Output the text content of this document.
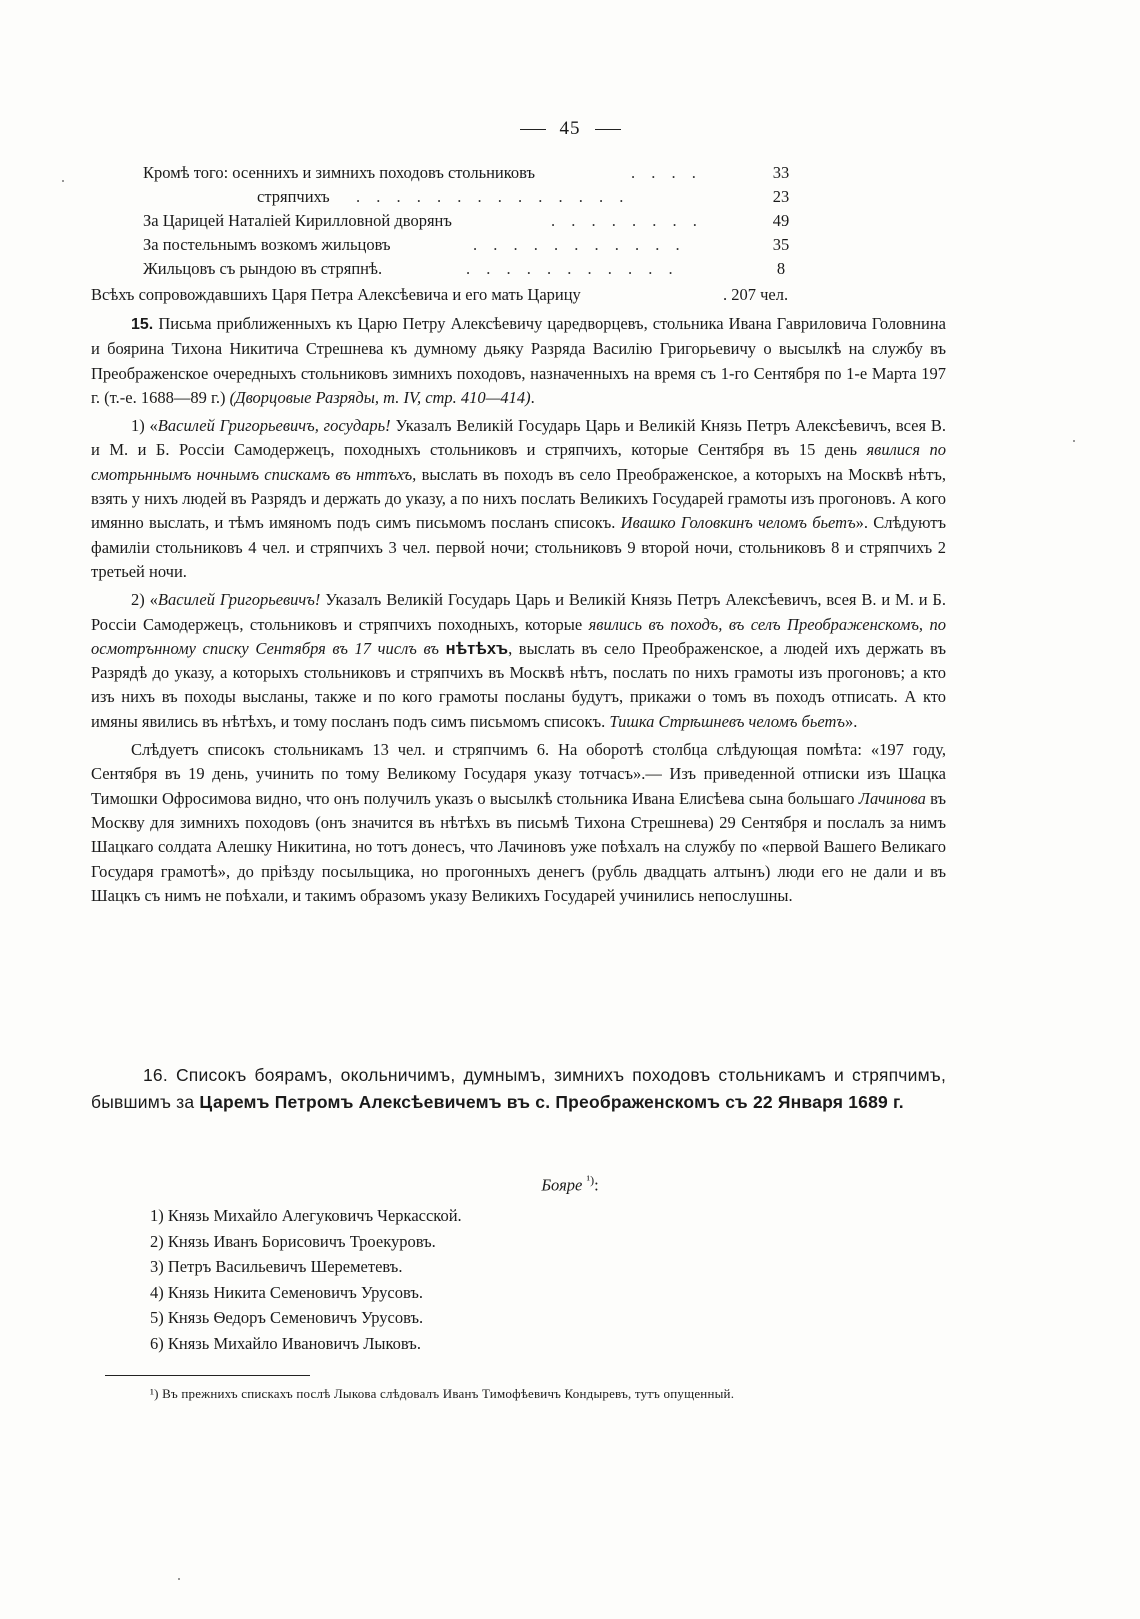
45
Кромѣ того: осеннихъ и зимнихъ походовъ стольниковъ	. . . .	33
стряпчихъ . . . . . . . . . . . . . .	23
За Царицей Наталіей Кирилловной дворянъ	. . . . . . . .	49
За постельнымъ возкомъ жильцовъ	. . . . . . . . . . .	35
Жильцовъ съ рындою въ стряпнѣ.	. . . . . . . . . . .	8
Всѣхъ сопровождавшихъ Царя Петра Алексѣевича и его мать Царицу	. 207 чел.

15. Письма приближенныхъ къ Царю Петру Алексѣевичу царедворцевъ, стольника Ивана Гавриловича Головнина и боярина Тихона Никитича Стрешнева къ думному дьяку Разряда Василію Григорьевичу о высылкѣ на службу въ Преображенское очередныхъ стольниковъ зимнихъ походовъ, назначенныхъ на время съ 1-го Сентября по 1-е Марта 197 г. (т.-е. 1688—89 г.) (Дворцовые Разряды, т. IV, стр. 410—414).

1) «Василей Григорьевичъ, государь! Указалъ Великій Государь Царь и Великій Князь Петръ Алексѣевичъ, всея В. и М. и Б. Россіи Самодержецъ, походныхъ стольниковъ и стряпчихъ, которые Сентября въ 15 день явилися по смотрьннымъ ночнымъ спискамъ въ нттъхъ, выслать въ походъ въ село Преображенское, а которыхъ на Москвѣ нѣтъ, взять у нихъ людей въ Разрядъ и держать до указу, а по нихъ послать Великихъ Государей грамоты изъ прогоновъ. А кого имянно выслать, и тѣмъ имяномъ подъ симъ письмомъ посланъ списокъ. Ивашко Головкинъ челомъ бьетъ». Слѣдуютъ фамиліи стольниковъ 4 чел. и стряпчихъ 3 чел. первой ночи; стольниковъ 9 второй ночи, стольниковъ 8 и стряпчихъ 2 третьей ночи.

2) «Василей Григорьевичъ! Указалъ Великій Государь Царь и Великій Князь Петръ Алексѣевичъ, всея В. и М. и Б. Россіи Самодержецъ, стольниковъ и стряпчихъ походныхъ, которые явились въ походъ, въ селъ Преображенскомъ, по осмотрънному списку Сентября въ 17 числъ въ нѣтѣхъ, выслать въ село Преображенское, а людей ихъ держать въ Разрядѣ до указу, а которыхъ стольниковъ и стряпчихъ въ Москвѣ нѣтъ, послать по нихъ грамоты изъ прогоновъ; а кто изъ нихъ въ походы высланы, также и по кого грамоты посланы будутъ, прикажи о томъ въ походъ отписать. А кто имяны явились въ нѣтѣхъ, и тому посланъ подъ симъ письмомъ списокъ. Тишка Стрѣшневъ челомъ бьетъ».

Слѣдуетъ списокъ стольникамъ 13 чел. и стряпчимъ 6. На оборотѣ столбца слѣдующая помѣта: «197 году, Сентября въ 19 день, учинить по тому Великому Государя указу тотчасъ».— Изъ приведенной отписки изъ Шацка Тимошки Офросимова видно, что онъ получилъ указъ о высылкѣ стольника Ивана Елисѣева сына большаго Лачинова въ Москву для зимнихъ походовъ (онъ значится въ нѣтѣхъ въ письмѣ Тихона Стрешнева) 29 Сентября и послалъ за нимъ Шацкаго солдата Алешку Никитина, но тотъ донесъ, что Лачиновъ уже поѣхалъ на службу по «первой Вашего Великаго Государя грамотѣ», до пріѣзду посыльщика, но прогонныхъ денегъ (рубль двадцать алтынъ) люди его не дали и въ Шацкъ съ нимъ не поѣхали, и такимъ образомъ указу Великихъ Государей учинились непослушны.

16. Списокъ боярамъ, окольничимъ, думнымъ, зимнихъ походовъ стольникамъ и стряпчимъ, бывшимъ за Царемъ Петромъ Алексѣевичемъ въ с. Преображенскомъ съ 22 Января 1689 г.
Бояре $^{^1)}$:
1) Князь Михайло Алегуковичъ Черкасской.
2) Князь Иванъ Борисовичъ Троекуровъ.
3) Петръ Васильевичъ Шереметевъ.
4) Князь Никита Семеновичъ Урусовъ.
5) Князь Ѳедоръ Семеновичъ Урусовъ.
6) Князь Михайло Ивановичъ Лыковъ.
¹) Въ прежнихъ спискахъ послѣ Лыкова слѣдовалъ Иванъ Тимофѣевичъ Кондыревъ, тутъ опущенный.
